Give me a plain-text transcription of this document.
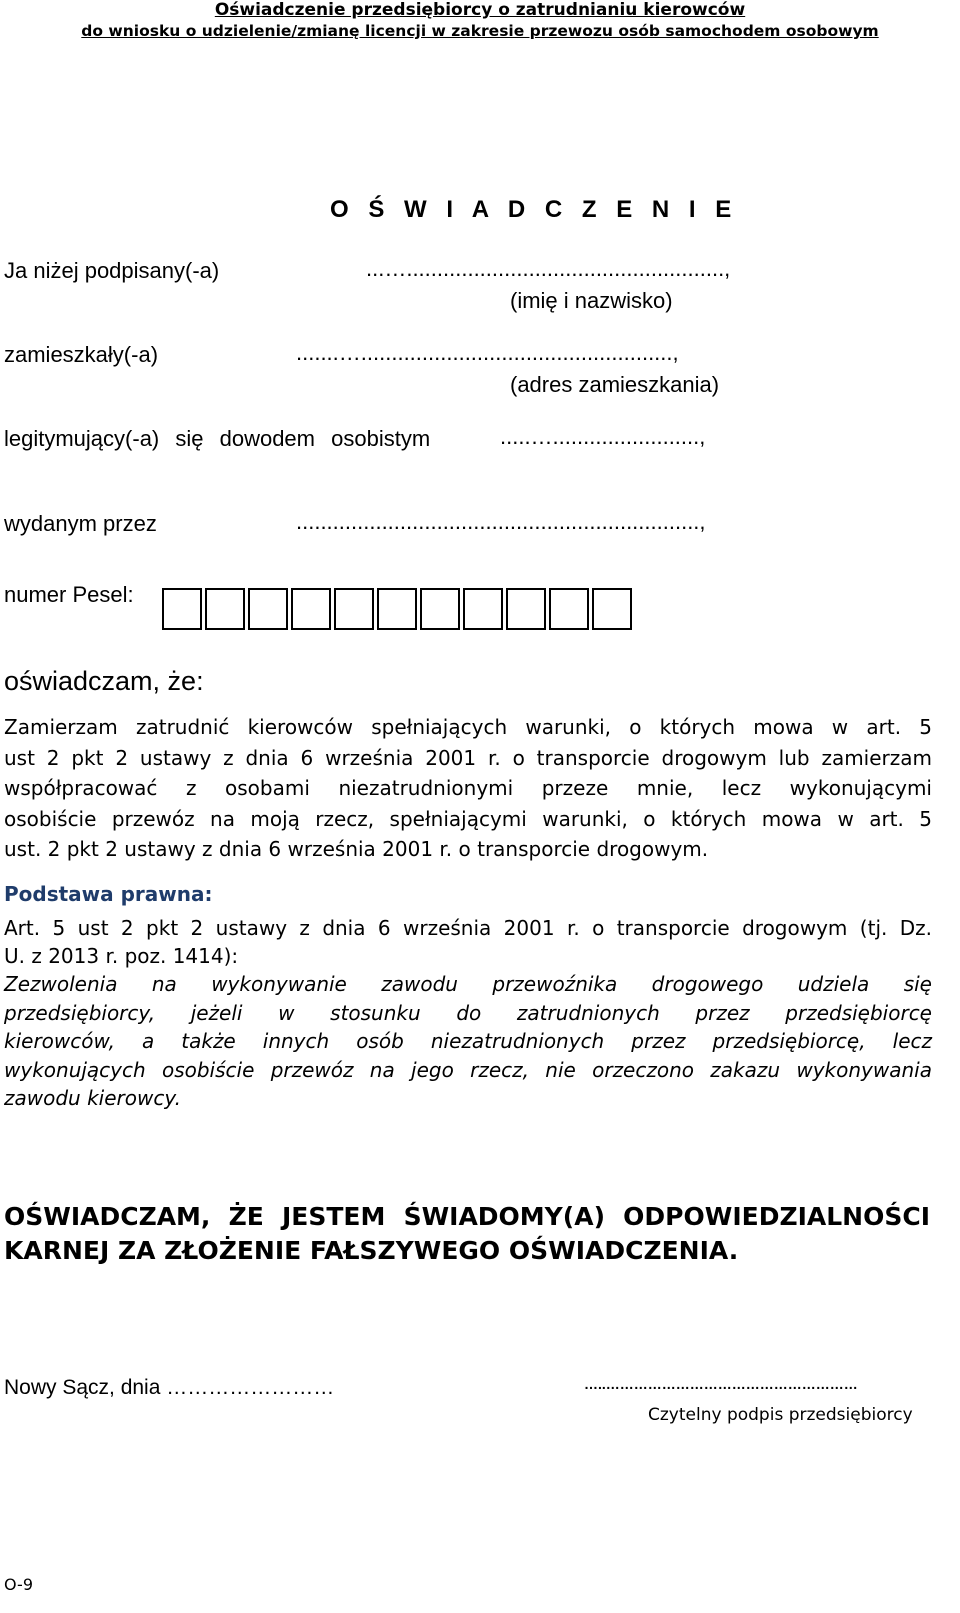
Oświadczenie przedsiębiorcy o zatrudnianiu kierowców
do wniosku o udzielenie/zmianę licencji w zakresie przewozu osób samochodem osobowym
O Ś W I A D C Z E N I E
Ja niżej podpisany(-a)	...…....................................................,
(imię i nazwisko)
zamieszkały(-a)	.......…...................................................,
(adres zamieszkania)
legitymujący(-a) się dowodem osobistym	.....…........................,
wydanym przez	..................................................................,
numer Pesel:
oświadczam, że:
Zamierzam zatrudnić kierowców spełniających warunki, o których mowa w art. 5
ust 2 pkt 2 ustawy z dnia 6 września 2001 r. o transporcie drogowym lub zamierzam
współpracować z osobami niezatrudnionymi przeze mnie, lecz wykonującymi
osobiście przewóz na moją rzecz, spełniającymi warunki, o których mowa w art. 5
ust. 2 pkt 2 ustawy z dnia 6 września 2001 r. o transporcie drogowym.
Podstawa prawna:
Art. 5 ust 2 pkt 2 ustawy z dnia 6 września 2001 r. o transporcie drogowym (tj. Dz.
U. z 2013 r. poz. 1414):
Zezwolenia na wykonywanie zawodu przewoźnika drogowego udziela się
przedsiębiorcy, jeżeli w stosunku do zatrudnionych przez przedsiębiorcę
kierowców, a także innych osób niezatrudnionych przez przedsiębiorcę, lecz
wykonujących osobiście przewóz na jego rzecz, nie orzeczono zakazu wykonywania
zawodu kierowcy.
OŚWIADCZAM, ŻE JESTEM ŚWIADOMY(A) ODPOWIEDZIALNOŚCI
KARNEJ ZA ZŁOŻENIE FAŁSZYWEGO OŚWIADCZENIA.
Nowy Sącz, dnia ……………………	…..………………………………………………
Czytelny podpis przedsiębiorcy
O-9
